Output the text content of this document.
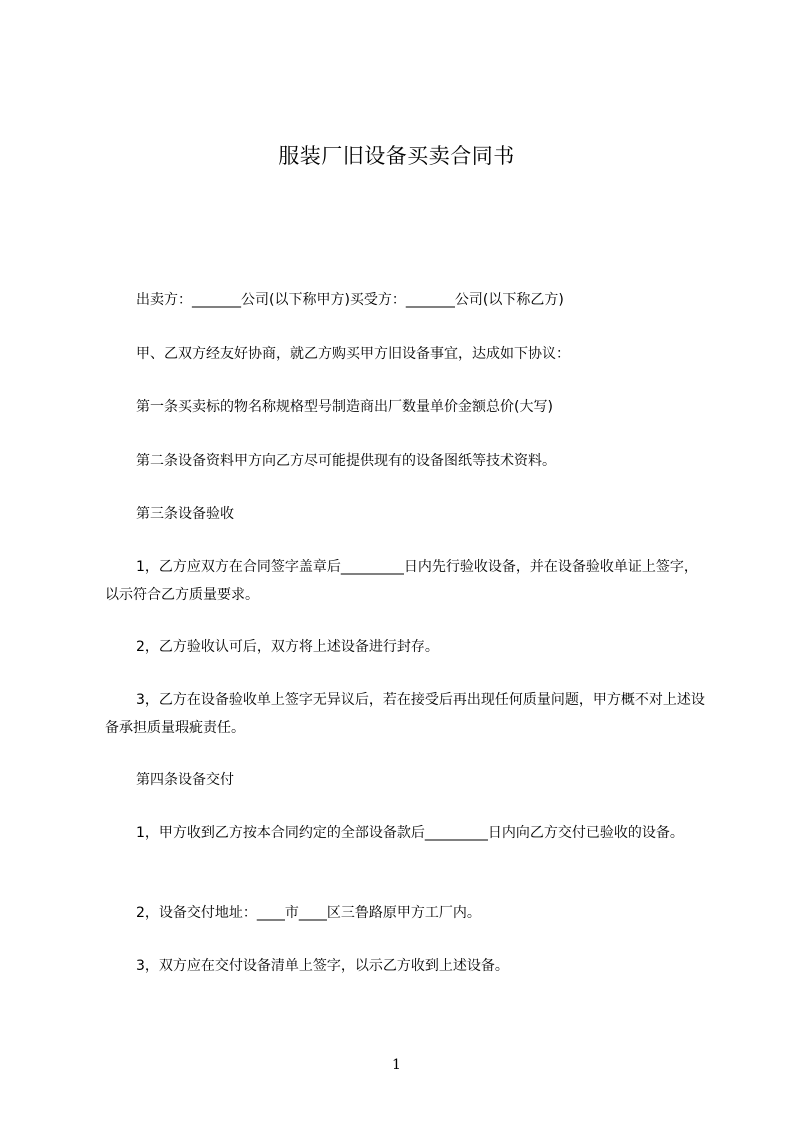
服装厂旧设备买卖合同书

出卖方：_______公司(以下称甲方)买受方：_______公司(以下称乙方)

甲、乙双方经友好协商，就乙方购买甲方旧设备事宜，达成如下协议：

第一条买卖标的物名称规格型号制造商出厂数量单价金额总价(大写)

第二条设备资料甲方向乙方尽可能提供现有的设备图纸等技术资料。

第三条设备验收

1，乙方应双方在合同签字盖章后_________日内先行验收设备，并在设备验收单证上签字，以示符合乙方质量要求。

2，乙方验收认可后，双方将上述设备进行封存。

3，乙方在设备验收单上签字无异议后，若在接受后再出现任何质量问题，甲方概不对上述设备承担质量瑕疵责任。

第四条设备交付

1，甲方收到乙方按本合同约定的全部设备款后_________日内向乙方交付已验收的设备。

2，设备交付地址：____市____区三鲁路原甲方工厂内。

3，双方应在交付设备清单上签字，以示乙方收到上述设备。

1
